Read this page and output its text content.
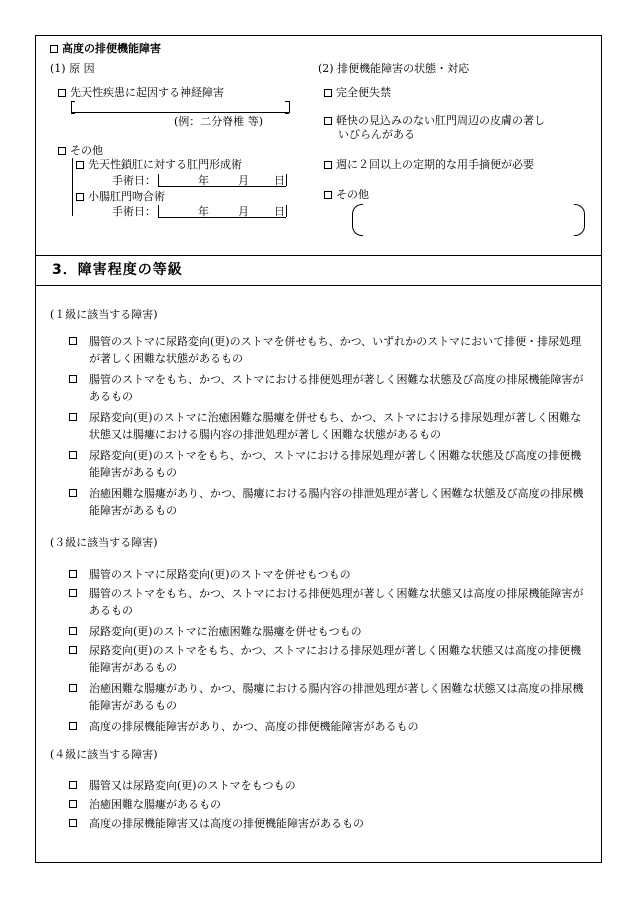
高度の排便機能障害
(1) 原 因	(2) 排便機能障害の状態・対応
先天性疾患に起因する神経障害
(例：二分脊椎 等)
その他
先天性鎖肛に対する肛門形成術
手術日：	年	月 日
小腸肛門吻合術
手術日：	年	月 日
完全便失禁
軽快の見込みのない肛門周辺の皮膚の著し
いびらんがある
週に２回以上の定期的な用手摘便が必要
その他
3．障害程度の等級
(１級に該当する障害)
腸管のストマに尿路変向(更)のストマを併せもち、かつ、いずれかのストマにおいて排便・排尿処理が著しく困難な状態があるもの
腸管のストマをもち、かつ、ストマにおける排便処理が著しく困難な状態及び高度の排尿機能障害があるもの
尿路変向(更)のストマに治癒困難な腸瘻を併せもち、かつ、ストマにおける排尿処理が著しく困難な状態又は腸瘻における腸内容の排泄処理が著しく困難な状態があるもの
尿路変向(更)のストマをもち、かつ、ストマにおける排尿処理が著しく困難な状態及び高度の排便機能障害があるもの
治癒困難な腸瘻があり、かつ、腸瘻における腸内容の排泄処理が著しく困難な状態及び高度の排尿機能障害があるもの
(３級に該当する障害)
腸管のストマに尿路変向(更)のストマを併せもつもの
腸管のストマをもち、かつ、ストマにおける排便処理が著しく困難な状態又は高度の排尿機能障害があるもの
尿路変向(更)のストマに治癒困難な腸瘻を併せもつもの
尿路変向(更)のストマをもち、かつ、ストマにおける排尿処理が著しく困難な状態又は高度の排便機能障害があるもの
治癒困難な腸瘻があり、かつ、腸瘻における腸内容の排泄処理が著しく困難な状態又は高度の排尿機能障害があるもの
高度の排尿機能障害があり、かつ、高度の排便機能障害があるもの
(４級に該当する障害)
腸管又は尿路変向(更)のストマをもつもの
治癒困難な腸瘻があるもの
高度の排尿機能障害又は高度の排便機能障害があるもの
